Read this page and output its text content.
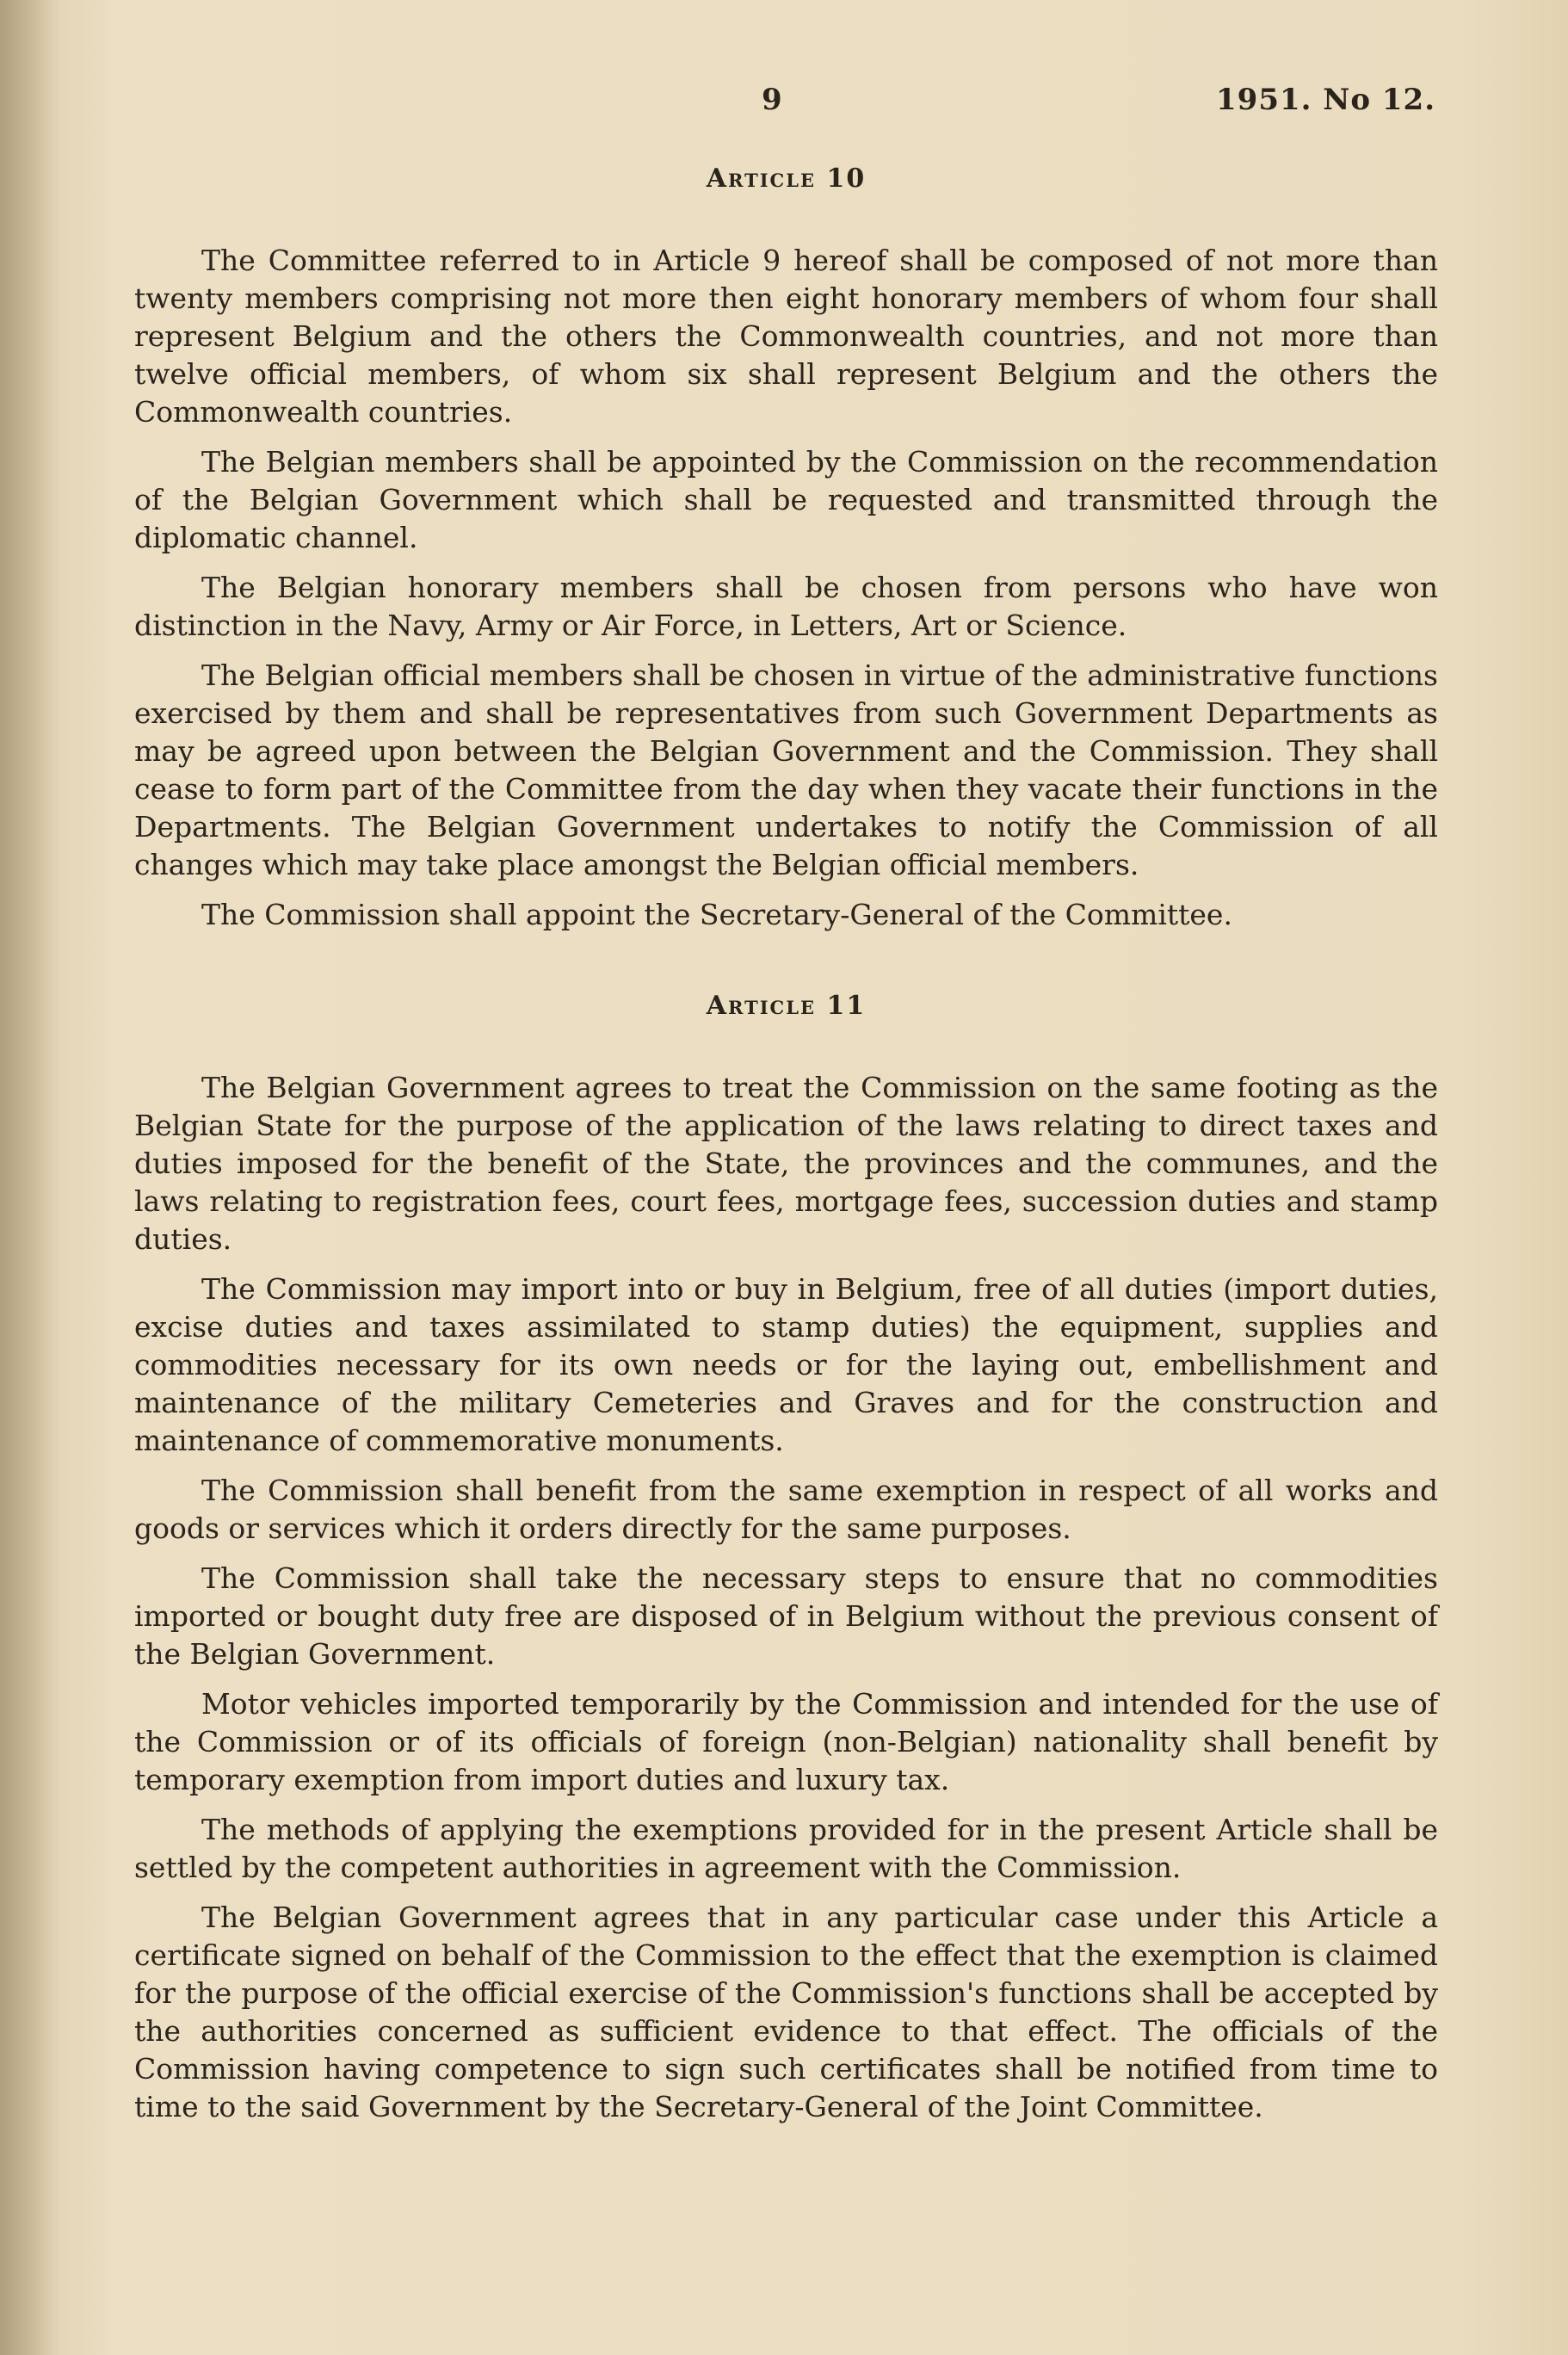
9	1951. No 12.
Article 10

The Committee referred to in Article 9 hereof shall be composed of not more than twenty members comprising not more then eight honorary members of whom four shall represent Belgium and the others the Commonwealth countries, and not more than twelve official members, of whom six shall represent Belgium and the others the Commonwealth countries.

The Belgian members shall be appointed by the Commission on the recommendation of the Belgian Government which shall be requested and transmitted through the diplomatic channel.

The Belgian honorary members shall be chosen from persons who have won distinction in the Navy, Army or Air Force, in Letters, Art or Science.

The Belgian official members shall be chosen in virtue of the administrative functions exercised by them and shall be representatives from such Government Departments as may be agreed upon between the Belgian Government and the Commission. They shall cease to form part of the Committee from the day when they vacate their functions in the Departments. The Belgian Government undertakes to notify the Commission of all changes which may take place amongst the Belgian official members.

The Commission shall appoint the Secretary-General of the Committee.

Article 11

The Belgian Government agrees to treat the Commission on the same footing as the Belgian State for the purpose of the application of the laws relating to direct taxes and duties imposed for the benefit of the State, the provinces and the communes, and the laws relating to registration fees, court fees, mortgage fees, succession duties and stamp duties.

The Commission may import into or buy in Belgium, free of all duties (import duties, excise duties and taxes assimilated to stamp duties) the equipment, supplies and commodities necessary for its own needs or for the laying out, embellishment and maintenance of the military Cemeteries and Graves and for the construction and maintenance of commemorative monuments.

The Commission shall benefit from the same exemption in respect of all works and goods or services which it orders directly for the same purposes.

The Commission shall take the necessary steps to ensure that no commodities imported or bought duty free are disposed of in Belgium without the previous consent of the Belgian Government.

Motor vehicles imported temporarily by the Commission and intended for the use of the Commission or of its officials of foreign (non-Belgian) nationality shall benefit by temporary exemption from import duties and luxury tax.

The methods of applying the exemptions provided for in the present Article shall be settled by the competent authorities in agreement with the Commission.

The Belgian Government agrees that in any particular case under this Article a certificate signed on behalf of the Commission to the effect that the exemption is claimed for the purpose of the official exercise of the Commission's functions shall be accepted by the authorities concerned as sufficient evidence to that effect. The officials of the Commission having competence to sign such certificates shall be notified from time to time to the said Government by the Secretary-General of the Joint Committee.
